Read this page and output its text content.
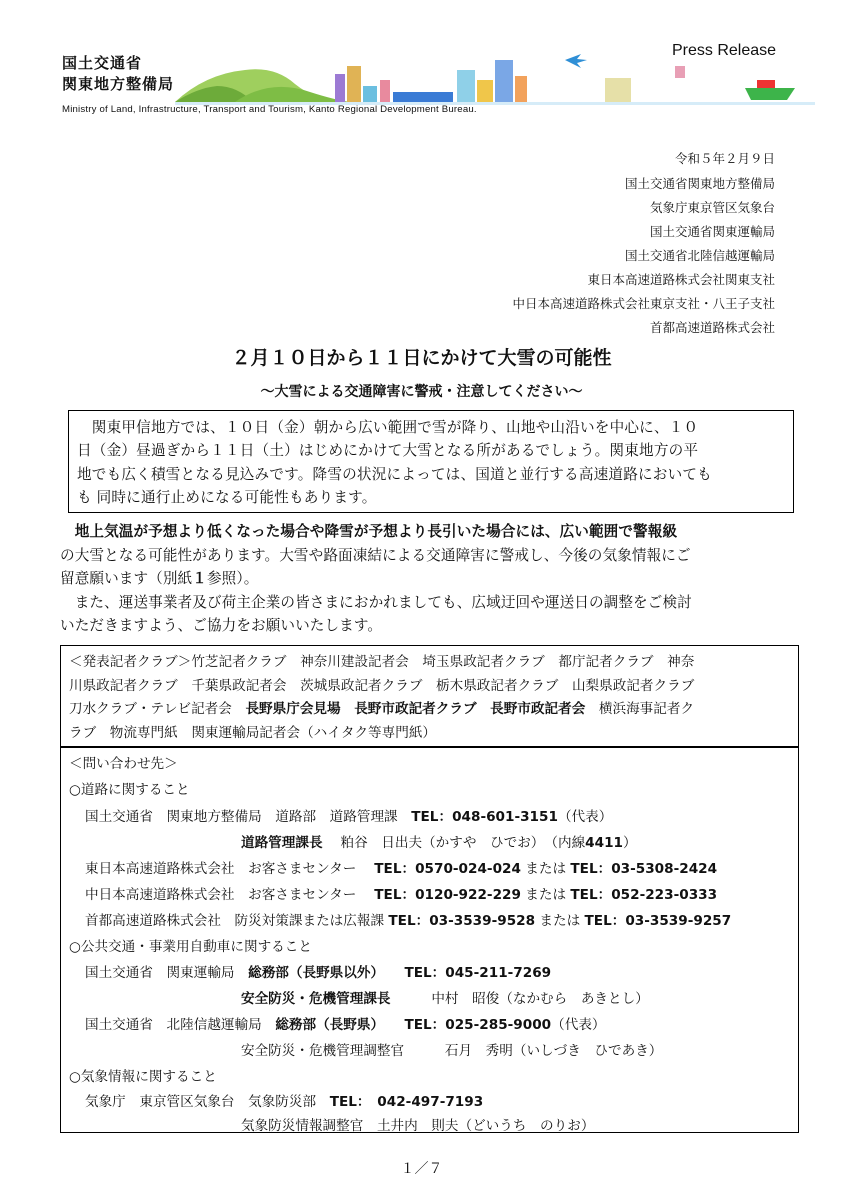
国土交通省
関東地方整備局
Ministry of Land, Infrastructure, Transport and Tourism, Kanto Regional Development Bureau.
Press Release
令和５年２月９日
国土交通省関東地方整備局
気象庁東京管区気象台
国土交通省関東運輸局
国土交通省北陸信越運輸局
東日本高速道路株式会社関東支社
中日本高速道路株式会社東京支社・八王子支社
首都高速道路株式会社
２月１０日から１１日にかけて大雪の可能性
〜大雪による交通障害に警戒・注意してください〜
　関東甲信地方では、１０日（金）朝から広い範囲で雪が降り、山地や山沿いを中心に、１０
日（金）昼過ぎから１１日（土）はじめにかけて大雪となる所があるでしょう。関東地方の平
地でも広く積雪となる見込みです。降雪の状況によっては、国道と並行する高速道路においても
も 同時に通行止めになる可能性もあります。
　地上気温が予想より低くなった場合や降雪が予想より長引いた場合には、広い範囲で警報級
の大雪となる可能性があります。大雪や路面凍結による交通障害に警戒し、今後の気象情報にご
留意願います（別紙１参照）。
　また、運送事業者及び荷主企業の皆さまにおかれましても、広域迂回や運送日の調整をご検討
いただきますよう、ご協力をお願いいたします。
＜発表記者クラブ＞竹芝記者クラブ　神奈川建設記者会　埼玉県政記者クラブ　都庁記者クラブ　神奈
川県政記者クラブ　千葉県政記者会　茨城県政記者クラブ　栃木県政記者クラブ　山梨県政記者クラブ
刀水クラブ・テレビ記者会　長野県庁会見場　長野市政記者クラブ　長野市政記者会　横浜海事記者ク
ラブ　物流専門紙　関東運輸局記者会（ハイタク等専門紙）
＜問い合わせ先＞
○道路に関すること
国土交通省　関東地方整備局　道路部　道路管理課　 TEL：048-601-3151（代表）
道路管理課長　 粕谷　日出夫（かすや　ひでお）　 （内線4411）
東日本高速道路株式会社　お客さまセンター　 TEL：0570-024-024 または TEL：03-5308-2424
中日本高速道路株式会社　お客さまセンター　 TEL：0120-922-229 または TEL：052-223-0333
首都高速道路株式会社　防災対策課または広報課 TEL：03-3539-9528 または TEL：03-3539-9257
○公共交通・事業用自動車に関すること
国土交通省　関東運輸局　 総務部（長野県以外）　　 TEL：045-211-7269
安全防災・危機管理課長　　　	中村　昭俊（なかむら　あきとし）
国土交通省　北陸信越運輸局　 総務部（長野県）　　 TEL：025-285-9000（代表）
安全防災・危機管理調整官　　　	石月　秀明（いしづき　ひであき）
○気象情報に関すること
気象庁　東京管区気象台　気象防災部　 TEL：　042-497-7193
気象防災情報調整官　 土井内　則夫（どいうち　のりお）
１／７
